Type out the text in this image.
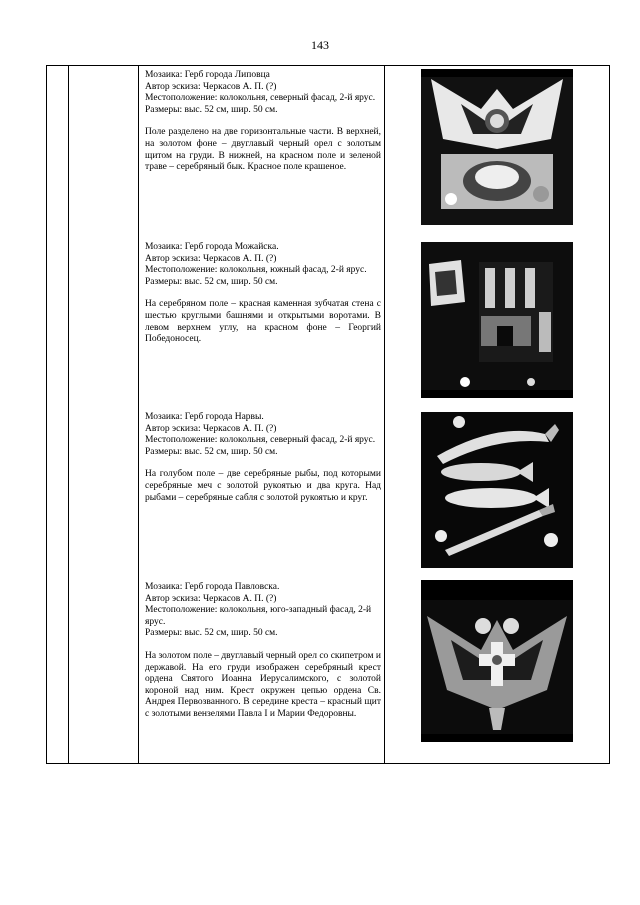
143

Мозаика: Герб города Липовца

Автор эскиза: Черкасов А. П. (?)

Местоположение: колокольня, северный фасад, 2-й ярус.

Размеры: выс. 52 см, шир. 50 см.

Поле разделено на две горизонтальные части. В верхней, на золотом фоне – двуглавый черный орел с золотым щитом на груди. В нижней, на красном поле и зеленой траве – серебряный бык. Красное поле крашеное.

Мозаика: Герб города Можайска.

Автор эскиза: Черкасов А. П. (?)

Местоположение: колокольня, южный фасад, 2-й ярус.

Размеры: выс. 52 см, шир. 50 см.

На серебряном поле – красная каменная зубчатая стена с шестью круглыми башнями и открытыми воротами. В левом верхнем углу, на красном фоне – Георгий Победоносец.

Мозаика: Герб города Нарвы.

Автор эскиза: Черкасов А. П. (?)

Местоположение: колокольня, северный фасад, 2-й ярус.

Размеры: выс. 52 см, шир. 50 см.

На голубом поле – две серебряные рыбы, под которыми серебряные меч с золотой рукоятью и два круга. Над рыбами – серебряные сабля с золотой рукоятью и круг.

Мозаика: Герб города Павловска.

Автор эскиза: Черкасов А. П. (?)

Местоположение: колокольня, юго-западный фасад, 2-й ярус.

Размеры: выс. 52 см, шир. 50 см.

На золотом поле – двуглавый черный орел со скипетром и державой. На его груди изображен серебряный крест ордена Святого Иоанна Иерусалимского, с золотой короной над ним. Крест окружен цепью ордена Св. Андрея Первозванного. В середине креста – красный щит с золотыми вензелями Павла I и Марии Федоровны.
